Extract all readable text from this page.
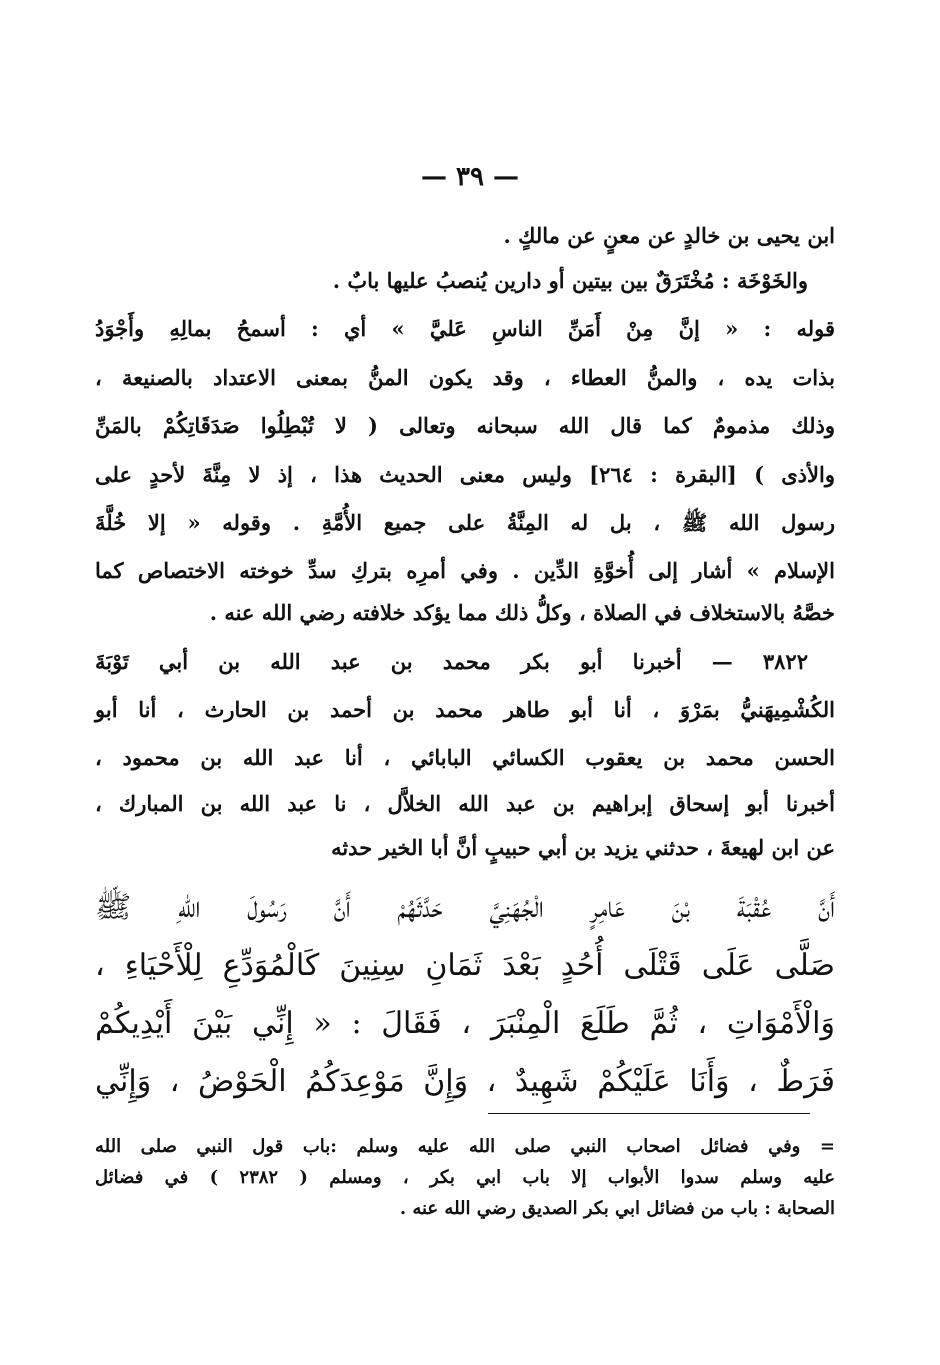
— ٣٩ —
ابن يحيى بن خالدٍ عن معنٍ عن مالكٍ .
والخَوْخَة : مُخْتَرَقٌ بين بيتين أو دارين يُنصبُ عليها بابٌ .
قوله : « إنَّ مِنْ أَمَنِّ الناسِ عَليَّ » أي : أسمحُ بمالِهِ وأَجْوَدُ
بذات يده ، والمنُّ العطاء ، وقد يكون المنُّ بمعنى الاعتداد بالصنيعة ،
وذلك مذمومٌ كما قال الله سبحانه وتعالى ( لا تُبْطِلُوا صَدَقَاتِكُمْ بالمَنِّ
والأذى ) [البقرة : ٢٦٤] وليس معنى الحديث هذا ، إذ لا مِنَّةَ لأحدٍ على
رسول الله ﷺ ، بل له المِنَّةُ على جميع الأُمَّةِ . وقوله « إلا خُلَّةَ
الإسلام » أشار إلى أُخوَّةِ الدِّين . وفي أمرِه بتركِ سدِّ خوخته الاختصاص كما
خصَّهُ بالاستخلاف في الصلاة ، وكلُّ ذلك مما يؤكد خلافته رضي الله عنه .
٣٨٢٢ — أخبرنا أبو بكر محمد بن عبد الله بن أبي تَوْبَةَ
الكُشْمِيهَنيُّ بمَرْوَ ، أنا أبو طاهر محمد بن أحمد بن الحارث ، أنا أبو
الحسن محمد بن يعقوب الكسائي البابائي ، أنا عبد الله بن محمود ،
أخبرنا أبو إسحاق إبراهيم بن عبد الله الخلاَّل ، نا عبد الله بن المبارك ،
عن ابن لهيعةَ ، حدثني يزيد بن أبي حبيبٍ أنَّ أبا الخير حدثه
أَنَّ عُقْبَةَ بْنَ عَامِرٍ الْجُهَنِيَّ حَدَّثَهُمْ أَنَّ رَسُولَ اللهِ ﷺ
صَلَّى عَلَى قَتْلَى أُحُدٍ بَعْدَ ثَمَانِ سِنِينَ كَالْمُوَدِّعِ لِلْأَحْيَاءِ ،
وَالْأَمْوَاتِ ، ثُمَّ طَلَعَ الْمِنْبَرَ ، فَقَالَ : « إِنِّي بَيْنَ أَيْدِيكُمْ
فَرَطٌ ، وَأَنَا عَلَيْكُمْ شَهِيدٌ ، وَإِنَّ مَوْعِدَكُمُ الْحَوْضُ ، وَإِنِّي
= وفي فضائل اصحاب النبي صلى الله عليه وسلم :باب قول النبي صلى الله
عليه وسلم سدوا الأبواب إلا باب ابي بكر ، ومسلم ( ٢٣٨٢ ) في فضائل
الصحابة : باب من فضائل ابي بكر الصديق رضي الله عنه .
